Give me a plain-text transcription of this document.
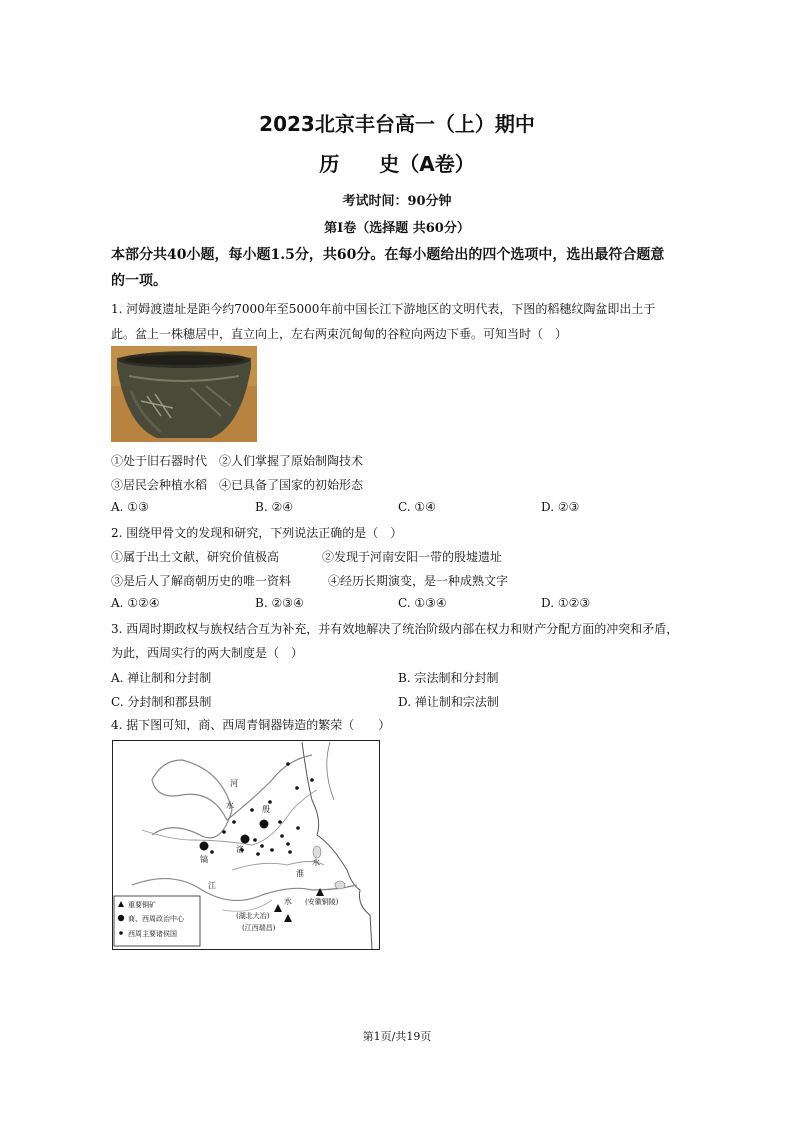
2023北京丰台高一（上）期中
历　　史（A卷）
考试时间：90分钟
第I卷（选择题 共60分）
本部分共40小题，每小题1.5分，共60分。在每小题给出的四个选项中，选出最符合题意
的一项。
1. 河姆渡遗址是距今约7000年至5000年前中国长江下游地区的文明代表，下图的稻穗纹陶盆即出土于
此。盆上一株穗居中，直立向上，左右两束沉甸甸的谷粒向两边下垂。可知当时（　）
①处于旧石器时代　②人们掌握了原始制陶技术
③居民会种植水稻　④已具备了国家的初始形态
A. ①③	B. ②④	C. ①④	D. ②③
2. 围绕甲骨文的发现和研究，下列说法正确的是（　）
①属于出土文献，研究价值极高	②发现于河南安阳一带的殷墟遗址
③是后人了解商朝历史的唯一资料	④经历长期演变，是一种成熟文字
A. ①②④	B. ②③④	C. ①③④	D. ①②③
3. 西周时期政权与族权结合互为补充，并有效地解决了统治阶级内部在权力和财产分配方面的冲突和矛盾，
为此，西周实行的两大制度是（　）
A. 禅让制和分封制	B. 宗法制和分封制
C. 分封制和郡县制	D. 禅让制和宗法制
4. 据下图可知，商、西周青铜器铸造的繁荣（　　）
河
水	殷
镐
洛
水
淮
江
水 (安徽铜陵)
(湖北大冶)
(江西瑞昌)
重要铜矿
商、西周政治中心
西周主要诸侯国
第1页/共19页
